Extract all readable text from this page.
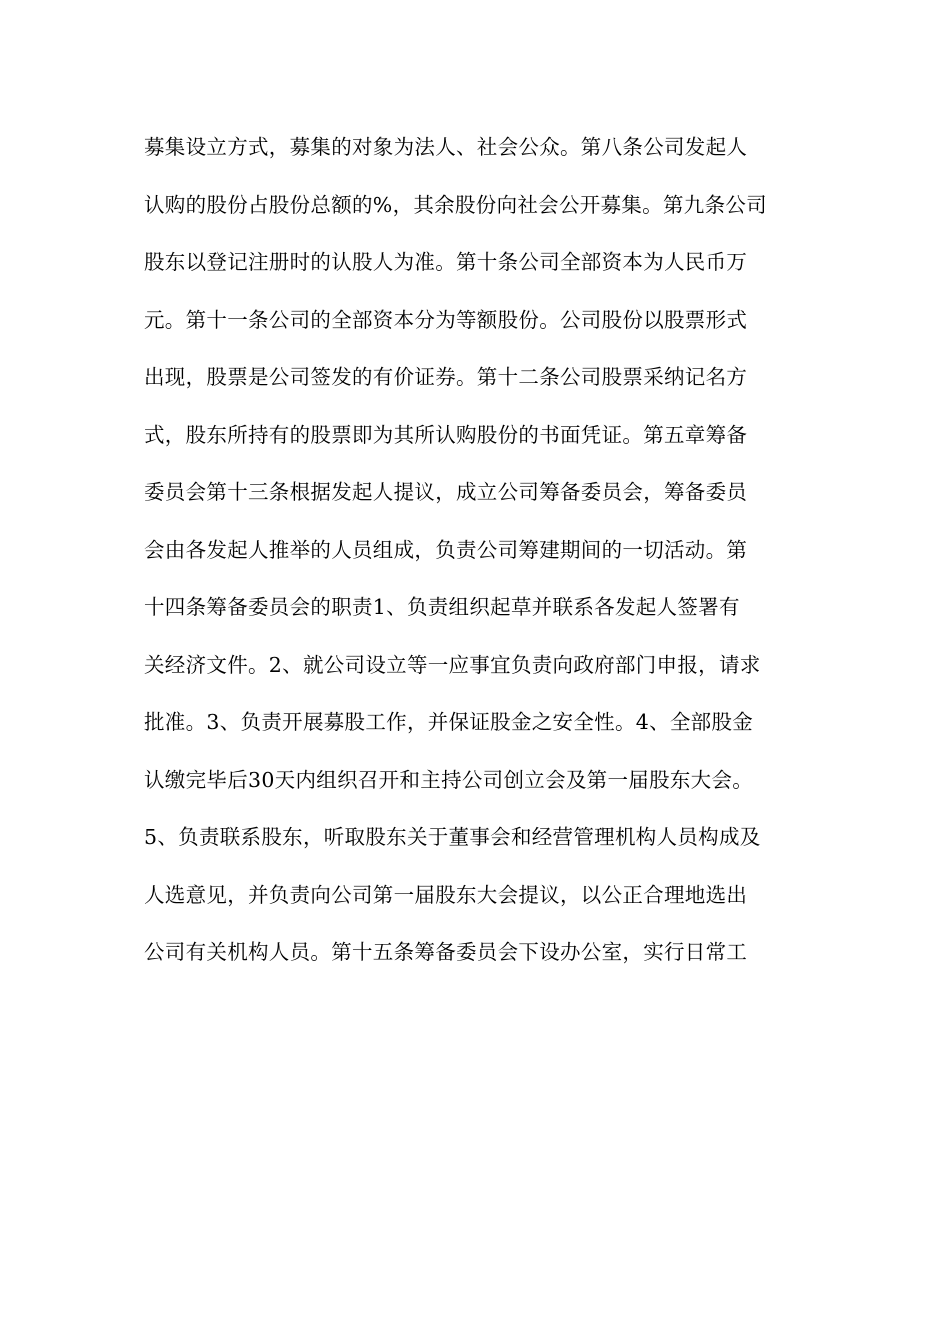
募集设立方式，募集的对象为法人、社会公众。第八条公司发起人
认购的股份占股份总额的%，其余股份向社会公开募集。第九条公司
股东以登记注册时的认股人为准。第十条公司全部资本为人民币万
元。第十一条公司的全部资本分为等额股份。公司股份以股票形式
出现，股票是公司签发的有价证券。第十二条公司股票采纳记名方
式，股东所持有的股票即为其所认购股份的书面凭证。第五章筹备
委员会第十三条根据发起人提议，成立公司筹备委员会，筹备委员
会由各发起人推举的人员组成，负责公司筹建期间的一切活动。第
十四条筹备委员会的职责1、负责组织起草并联系各发起人签署有
关经济文件。2、就公司设立等一应事宜负责向政府部门申报，请求
批准。3、负责开展募股工作，并保证股金之安全性。4、全部股金
认缴完毕后30天内组织召开和主持公司创立会及第一届股东大会。
5、负责联系股东，听取股东关于董事会和经营管理机构人员构成及
人选意见，并负责向公司第一届股东大会提议，以公正合理地选出
公司有关机构人员。第十五条筹备委员会下设办公室，实行日常工
